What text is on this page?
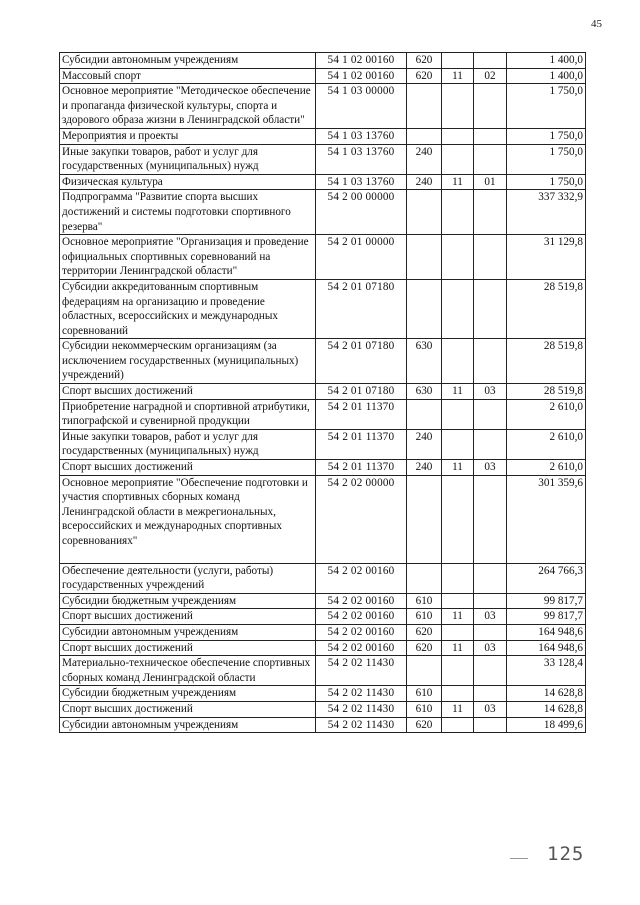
45
Субсидии автономным учреждениям	54 1 02 00160	620			1 400,0
Массовый спорт	54 1 02 00160	620	11	02	1 400,0
Основное мероприятие "Методическое обеспечение и пропаганда физической культуры, спорта и здорового образа жизни в Ленинградской области"	54 1 03 00000				1 750,0
Мероприятия и проекты	54 1 03 13760				1 750,0
Иные закупки товаров, работ и услуг для государственных (муниципальных) нужд	54 1 03 13760	240			1 750,0
Физическая культура	54 1 03 13760	240	11	01	1 750,0
Подпрограмма "Развитие спорта высших достижений и системы подготовки спортивного резерва"	54 2 00 00000				337 332,9
Основное мероприятие "Организация и проведение официальных спортивных соревнований на территории Ленинградской области"	54 2 01 00000				31 129,8
Субсидии аккредитованным спортивным федерациям на организацию и проведение областных, всероссийских и международных соревнований	54 2 01 07180				28 519,8
Субсидии некоммерческим организациям (за исключением государственных (муниципальных) учреждений)	54 2 01 07180	630			28 519,8
Спорт высших достижений	54 2 01 07180	630	11	03	28 519,8
Приобретение наградной и спортивной атрибутики, типографской и сувенирной продукции	54 2 01 11370				2 610,0
Иные закупки товаров, работ и услуг для государственных (муниципальных) нужд	54 2 01 11370	240			2 610,0
Спорт высших достижений	54 2 01 11370	240	11	03	2 610,0
Основное мероприятие "Обеспечение подготовки и участия спортивных сборных команд Ленинградской области в межрегиональных, всероссийских и международных спортивных соревнованиях"	54 2 02 00000				301 359,6
Обеспечение деятельности (услуги, работы) государственных учреждений	54 2 02 00160				264 766,3
Субсидии бюджетным учреждениям	54 2 02 00160	610			99 817,7
Спорт высших достижений	54 2 02 00160	610	11	03	99 817,7
Субсидии автономным учреждениям	54 2 02 00160	620			164 948,6
Спорт высших достижений	54 2 02 00160	620	11	03	164 948,6
Материально-техническое обеспечение спортивных сборных команд Ленинградской области	54 2 02 11430				33 128,4
Субсидии бюджетным учреждениям	54 2 02 11430	610			14 628,8
Спорт высших достижений	54 2 02 11430	610	11	03	14 628,8
Субсидии автономным учреждениям	54 2 02 11430	620			18 499,6
125
